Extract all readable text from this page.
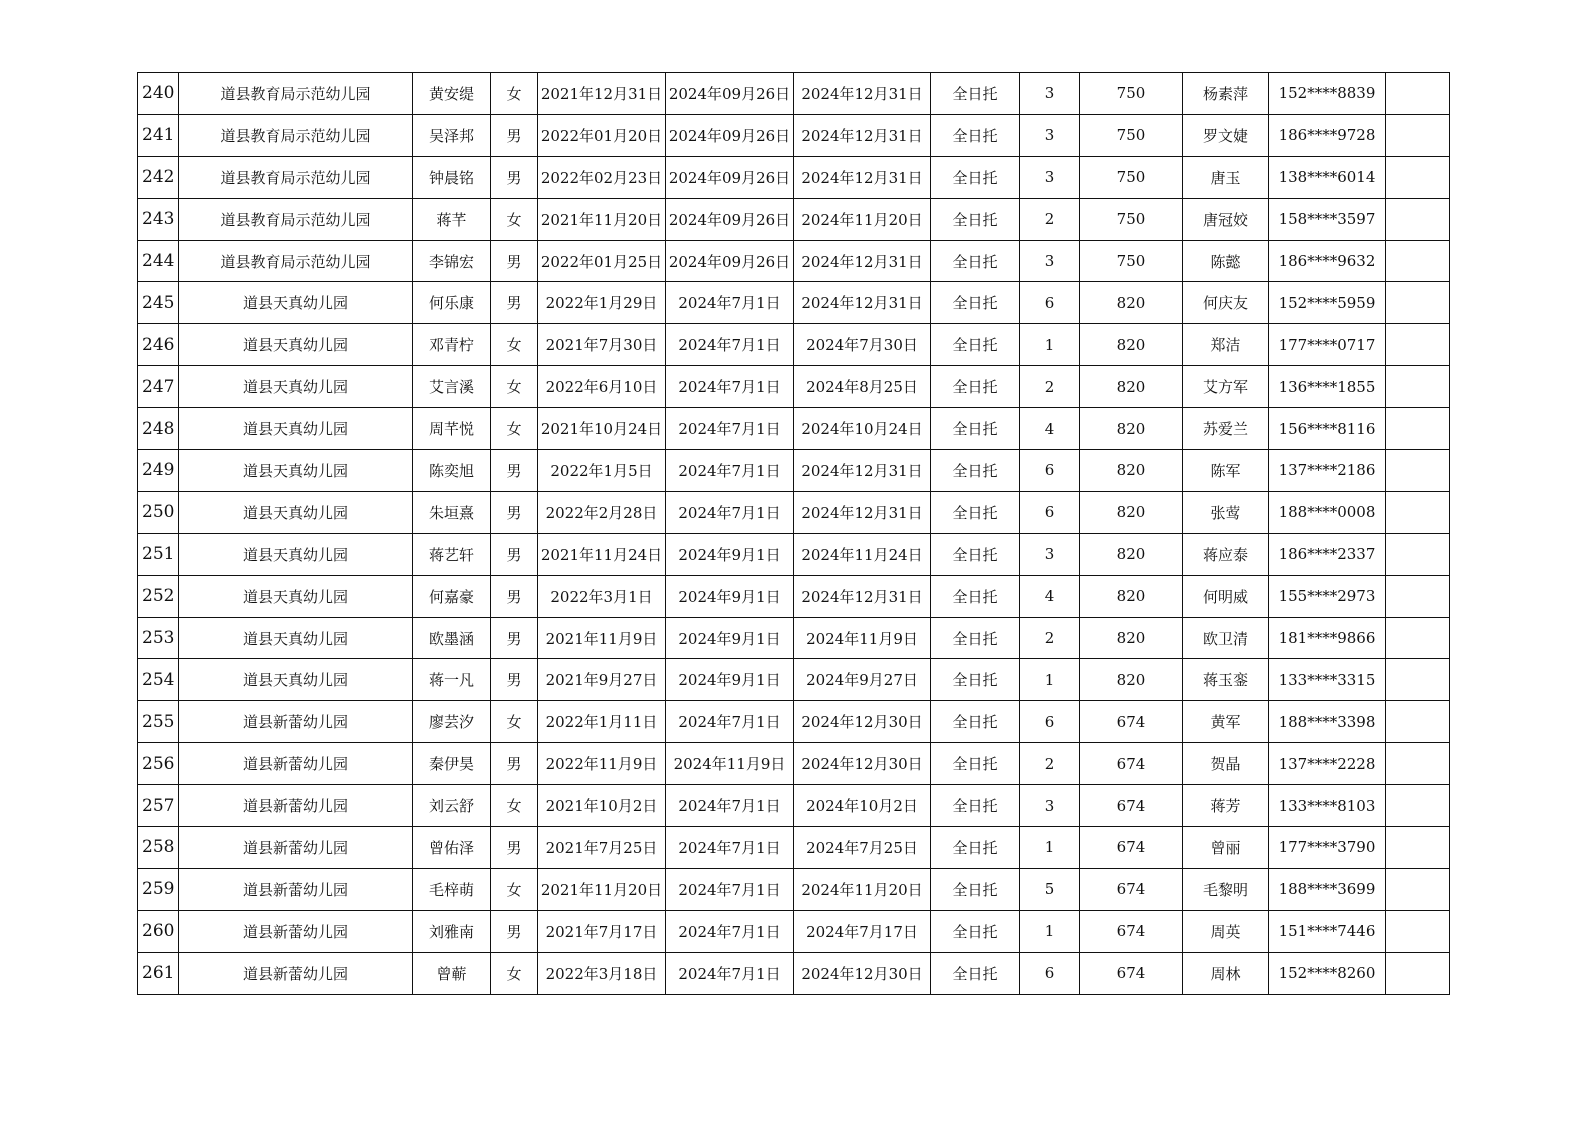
240	道县教育局示范幼儿园	黄安缇	女	2021年12月31日	2024年09月26日	2024年12月31日	全日托	3	750	杨素萍	152****8839	
241	道县教育局示范幼儿园	吴泽邦	男	2022年01月20日	2024年09月26日	2024年12月31日	全日托	3	750	罗文婕	186****9728	
242	道县教育局示范幼儿园	钟晨铭	男	2022年02月23日	2024年09月26日	2024年12月31日	全日托	3	750	唐玉	138****6014	
243	道县教育局示范幼儿园	蒋芊	女	2021年11月20日	2024年09月26日	2024年11月20日	全日托	2	750	唐冠姣	158****3597	
244	道县教育局示范幼儿园	李锦宏	男	2022年01月25日	2024年09月26日	2024年12月31日	全日托	3	750	陈懿	186****9632	
245	道县天真幼儿园	何乐康	男	2022年1月29日	2024年7月1日	2024年12月31日	全日托	6	820	何庆友	152****5959	
246	道县天真幼儿园	邓青柠	女	2021年7月30日	2024年7月1日	2024年7月30日	全日托	1	820	郑洁	177****0717	
247	道县天真幼儿园	艾言溪	女	2022年6月10日	2024年7月1日	2024年8月25日	全日托	2	820	艾方军	136****1855	
248	道县天真幼儿园	周芊悦	女	2021年10月24日	2024年7月1日	2024年10月24日	全日托	4	820	苏爱兰	156****8116	
249	道县天真幼儿园	陈奕旭	男	2022年1月5日	2024年7月1日	2024年12月31日	全日托	6	820	陈军	137****2186	
250	道县天真幼儿园	朱垣熹	男	2022年2月28日	2024年7月1日	2024年12月31日	全日托	6	820	张莺	188****0008	
251	道县天真幼儿园	蒋艺轩	男	2021年11月24日	2024年9月1日	2024年11月24日	全日托	3	820	蒋应泰	186****2337	
252	道县天真幼儿园	何嘉豪	男	2022年3月1日	2024年9月1日	2024年12月31日	全日托	4	820	何明威	155****2973	
253	道县天真幼儿园	欧墨涵	男	2021年11月9日	2024年9月1日	2024年11月9日	全日托	2	820	欧卫清	181****9866	
254	道县天真幼儿园	蒋一凡	男	2021年9月27日	2024年9月1日	2024年9月27日	全日托	1	820	蒋玉銮	133****3315	
255	道县新蕾幼儿园	廖芸汐	女	2022年1月11日	2024年7月1日	2024年12月30日	全日托	6	674	黄军	188****3398	
256	道县新蕾幼儿园	秦伊昊	男	2022年11月9日	2024年11月9日	2024年12月30日	全日托	2	674	贺晶	137****2228	
257	道县新蕾幼儿园	刘云舒	女	2021年10月2日	2024年7月1日	2024年10月2日	全日托	3	674	蒋芳	133****8103	
258	道县新蕾幼儿园	曾佑泽	男	2021年7月25日	2024年7月1日	2024年7月25日	全日托	1	674	曾丽	177****3790	
259	道县新蕾幼儿园	毛梓萌	女	2021年11月20日	2024年7月1日	2024年11月20日	全日托	5	674	毛黎明	188****3699	
260	道县新蕾幼儿园	刘雅南	男	2021年7月17日	2024年7月1日	2024年7月17日	全日托	1	674	周英	151****7446	
261	道县新蕾幼儿园	曾蕲	女	2022年3月18日	2024年7月1日	2024年12月30日	全日托	6	674	周林	152****8260	
